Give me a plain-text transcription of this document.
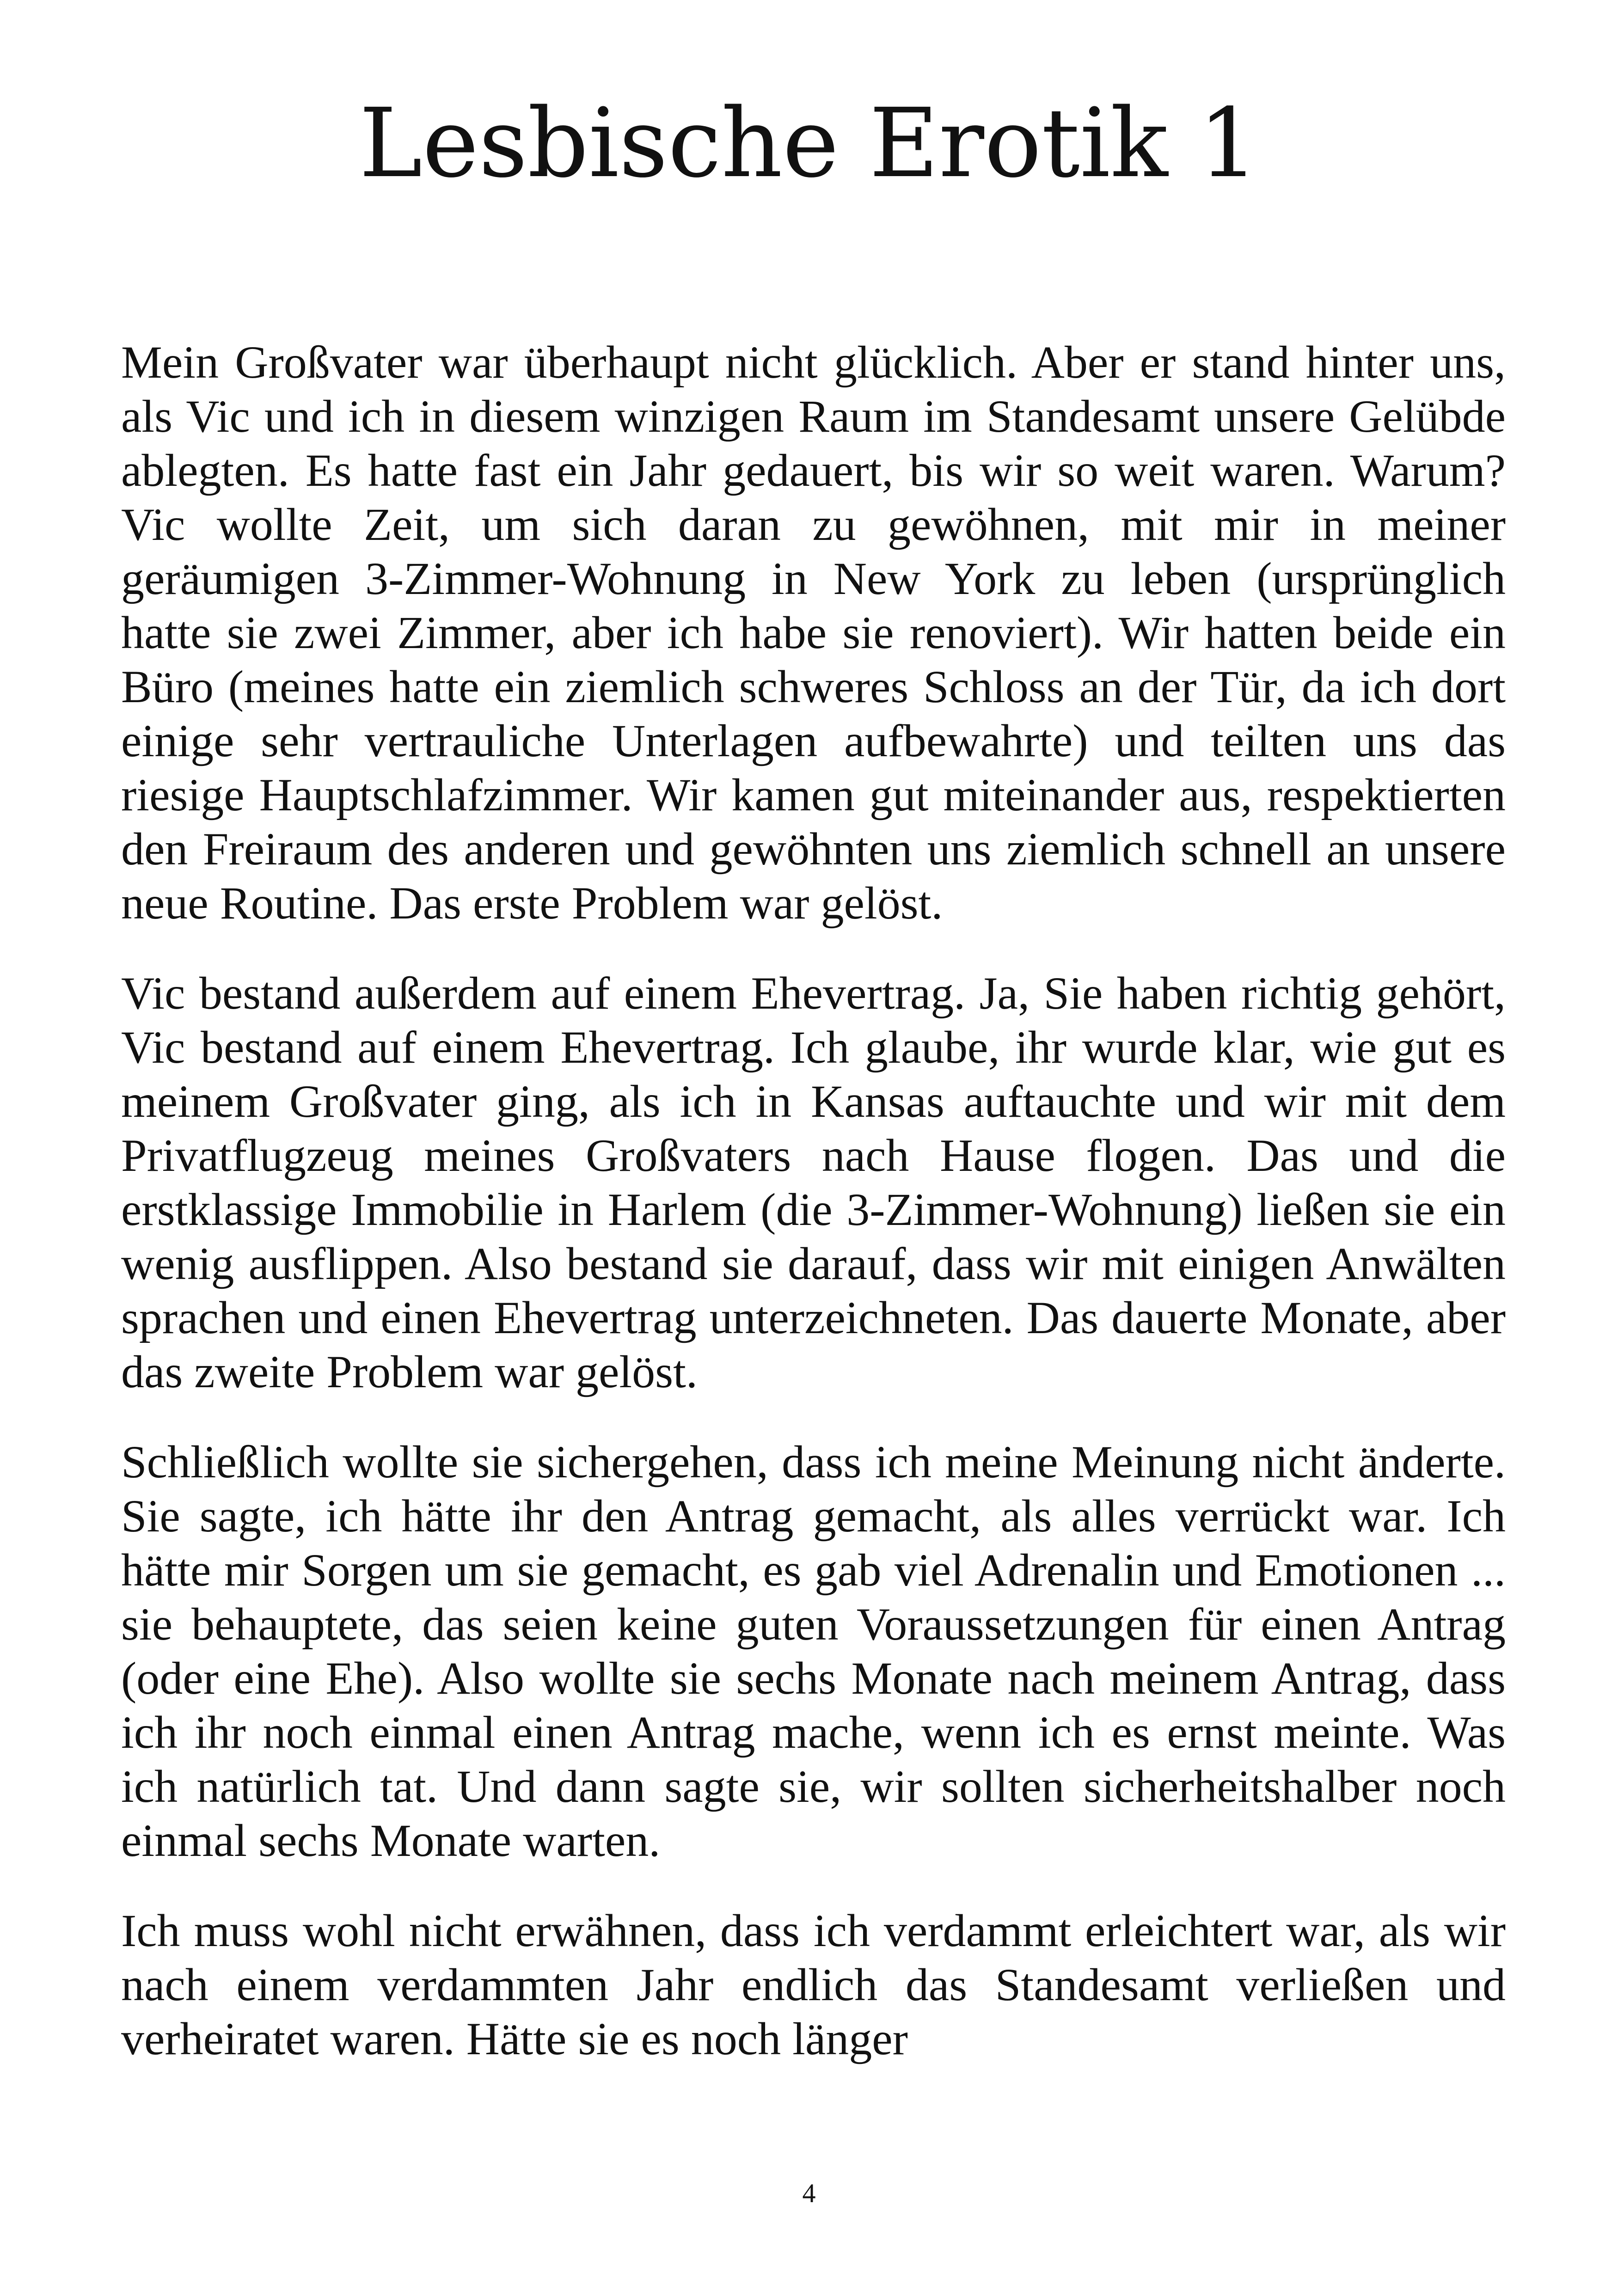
Lesbische Erotik 1

Mein Großvater war überhaupt nicht glücklich. Aber er stand hinter uns, als Vic und ich in diesem winzigen Raum im Standesamt unsere Gelübde ablegten. Es hatte fast ein Jahr gedauert, bis wir so weit waren. Warum? Vic wollte Zeit, um sich daran zu gewöhnen, mit mir in meiner geräumigen 3-Zimmer-Wohnung in New York zu leben (ursprünglich hatte sie zwei Zimmer, aber ich habe sie renoviert). Wir hatten beide ein Büro (meines hatte ein ziemlich schweres Schloss an der Tür, da ich dort einige sehr vertrauliche Unterlagen aufbewahrte) und teilten uns das riesige Hauptschlafzimmer. Wir kamen gut miteinander aus, respektierten den Freiraum des anderen und gewöhnten uns ziemlich schnell an unsere neue Routine. Das erste Problem war gelöst.

Vic bestand außerdem auf einem Ehevertrag. Ja, Sie haben richtig gehört, Vic bestand auf einem Ehevertrag. Ich glaube, ihr wurde klar, wie gut es meinem Großvater ging, als ich in Kansas auftauchte und wir mit dem Privatflugzeug meines Großvaters nach Hause flogen. Das und die erstklassige Immobilie in Harlem (die 3-Zimmer-Wohnung) ließen sie ein wenig ausflippen. Also bestand sie darauf, dass wir mit einigen Anwälten sprachen und einen Ehevertrag unterzeichneten. Das dauerte Monate, aber das zweite Problem war gelöst.

Schließlich wollte sie sichergehen, dass ich meine Meinung nicht änderte. Sie sagte, ich hätte ihr den Antrag gemacht, als alles verrückt war. Ich hätte mir Sorgen um sie gemacht, es gab viel Adrenalin und Emotionen ... sie behauptete, das seien keine guten Voraussetzungen für einen Antrag (oder eine Ehe). Also wollte sie sechs Monate nach meinem Antrag, dass ich ihr noch einmal einen Antrag mache, wenn ich es ernst meinte. Was ich natürlich tat. Und dann sagte sie, wir sollten sicherheitshalber noch einmal sechs Monate warten.

Ich muss wohl nicht erwähnen, dass ich verdammt erleichtert war, als wir nach einem verdammten Jahr endlich das Standesamt verließen und verheiratet waren. Hätte sie es noch länger

4
